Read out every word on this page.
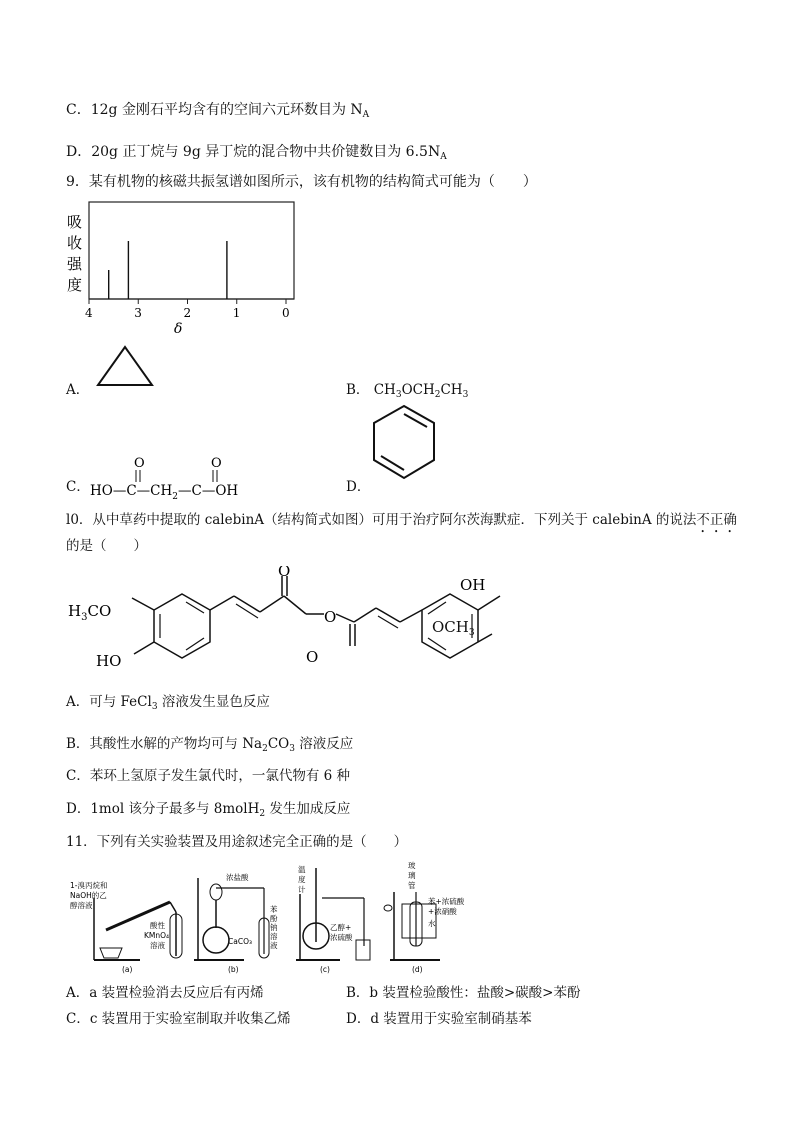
C．12g 金刚石平均含有的空间六元环数目为 $N_A$
D．20g 正丁烷与 9g 异丁烷的混合物中共价键数目为 $6.5N_A$
9．某有机物的核磁共振氢谱如图所示，该有机物的结构简式可能为（　　）
4	3	2	1	0
吸
收
强
度
δ
A．	B． $CH_3OCH_2CH_3$
C．
O	O
$HO—C—CH_2—C—OH$	D．
l0．从中草药中提取的 calebinA（结构简式如图）可用于治疗阿尔茨海默症．下列关于 calebinA 的说法不正确
的是（　　）
$H_3CO$
HO
O
O
O
OH
$OCH_3$
A．可与 FeCl$_3$ 溶液发生显色反应
B．其酸性水解的产物均可与 $Na_2CO_3$ 溶液反应
C．苯环上氢原子发生氯代时，一氯代物有 6 种
D．1mol 该分子最多与 8molH$_2$ 发生加成反应
11．下列有关实验装置及用途叙述完全正确的是（　　）
1-溴丙烷和
NaOH的乙
醇溶液
酸性
KMnO₄
溶液
(a)
浓盐酸
CaCO₃
苯
酚
钠
溶
液
(b)
温
度
计
乙醇+
浓硫酸
(c)
玻
璃
管
苯+浓硫酸
+浓硝酸
水
(d)
A．a 装置检验消去反应后有丙烯	B．b 装置检验酸性：盐酸>碳酸>苯酚
C．c 装置用于实验室制取并收集乙烯	D．d 装置用于实验室制硝基苯
